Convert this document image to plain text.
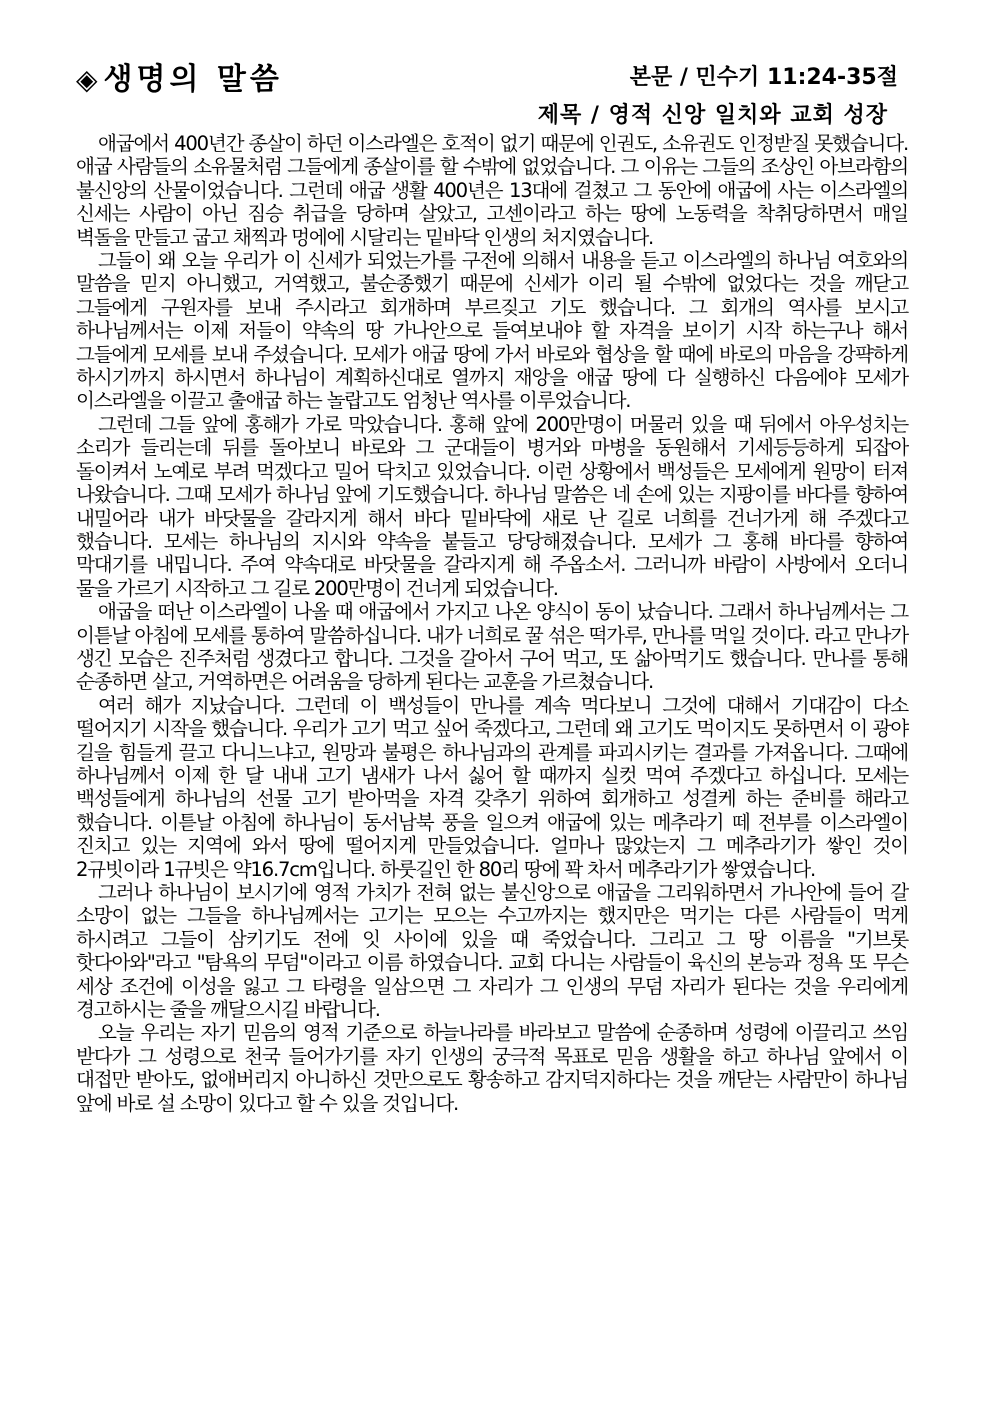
◈ 생명의 말씀	본문 / 민수기 11:24-35절
제목 / 영적 신앙 일치와 교회 성장

애굽에서 400년간 종살이 하던 이스라엘은 호적이 없기 때문에 인권도, 소유권도 인정받질 못했습니다. 애굽 사람들의 소유물처럼 그들에게 종살이를 할 수밖에 없었습니다. 그 이유는 그들의 조상인 아브라함의 불신앙의 산물이었습니다. 그런데 애굽 생활 400년은 13대에 걸쳤고 그 동안에 애굽에 사는 이스라엘의 신세는 사람이 아닌 짐승 취급을 당하며 살았고, 고센이라고 하는 땅에 노동력을 착취당하면서 매일 벽돌을 만들고 굽고 채찍과 멍에에 시달리는 밑바닥 인생의 처지였습니다.

그들이 왜 오늘 우리가 이 신세가 되었는가를 구전에 의해서 내용을 듣고 이스라엘의 하나님 여호와의 말씀을 믿지 아니했고, 거역했고, 불순종했기 때문에 신세가 이리 될 수밖에 없었다는 것을 깨닫고 그들에게 구원자를 보내 주시라고 회개하며 부르짖고 기도 했습니다. 그 회개의 역사를 보시고 하나님께서는 이제 저들이 약속의 땅 가나안으로 들여보내야 할 자격을 보이기 시작 하는구나 해서 그들에게 모세를 보내 주셨습니다. 모세가 애굽 땅에 가서 바로와 협상을 할 때에 바로의 마음을 강퍅하게 하시기까지 하시면서 하나님이 계획하신대로 열까지 재앙을 애굽 땅에 다 실행하신 다음에야 모세가 이스라엘을 이끌고 출애굽 하는 놀랍고도 엄청난 역사를 이루었습니다.

그런데 그들 앞에 홍해가 가로 막았습니다. 홍해 앞에 200만명이 머물러 있을 때 뒤에서 아우성치는 소리가 들리는데 뒤를 돌아보니 바로와 그 군대들이 병거와 마병을 동원해서 기세등등하게 되잡아 돌이켜서 노예로 부려 먹겠다고 밀어 닥치고 있었습니다. 이런 상황에서 백성들은 모세에게 원망이 터져 나왔습니다. 그때 모세가 하나님 앞에 기도했습니다. 하나님 말씀은 네 손에 있는 지팡이를 바다를 향하여 내밀어라 내가 바닷물을 갈라지게 해서 바다 밑바닥에 새로 난 길로 너희를 건너가게 해 주겠다고 했습니다. 모세는 하나님의 지시와 약속을 붙들고 당당해졌습니다. 모세가 그 홍해 바다를 향하여 막대기를 내밉니다. 주여 약속대로 바닷물을 갈라지게 해 주옵소서. 그러니까 바람이 사방에서 오더니 물을 가르기 시작하고 그 길로 200만명이 건너게 되었습니다.

애굽을 떠난 이스라엘이 나올 때 애굽에서 가지고 나온 양식이 동이 났습니다. 그래서 하나님께서는 그 이튿날 아침에 모세를 통하여 말씀하십니다. 내가 너희로 꿀 섞은 떡가루, 만나를 먹일 것이다. 라고 만나가 생긴 모습은 진주처럼 생겼다고 합니다. 그것을 갈아서 구어 먹고, 또 삶아먹기도 했습니다. 만나를 통해 순종하면 살고, 거역하면은 어려움을 당하게 된다는 교훈을 가르쳤습니다.

여러 해가 지났습니다. 그런데 이 백성들이 만나를 계속 먹다보니 그것에 대해서 기대감이 다소 떨어지기 시작을 했습니다. 우리가 고기 먹고 싶어 죽겠다고, 그런데 왜 고기도 먹이지도 못하면서 이 광야 길을 힘들게 끌고 다니느냐고, 원망과 불평은 하나님과의 관계를 파괴시키는 결과를 가져옵니다. 그때에 하나님께서 이제 한 달 내내 고기 냄새가 나서 싫어 할 때까지 실컷 먹여 주겠다고 하십니다. 모세는 백성들에게 하나님의 선물 고기 받아먹을 자격 갖추기 위하여 회개하고 성결케 하는 준비를 해라고 했습니다. 이튿날 아침에 하나님이 동서남북 풍을 일으켜 애굽에 있는 메추라기 떼 전부를 이스라엘이 진치고 있는 지역에 와서 땅에 떨어지게 만들었습니다. 얼마나 많았는지 그 메추라기가 쌓인 것이 2규빗이라 1규빗은 약16.7cm입니다. 하룻길인 한 80리 땅에 꽉 차서 메추라기가 쌓였습니다.

그러나 하나님이 보시기에 영적 가치가 전혀 없는 불신앙으로 애굽을 그리워하면서 가나안에 들어 갈 소망이 없는 그들을 하나님께서는 고기는 모으는 수고까지는 했지만은 먹기는 다른 사람들이 먹게 하시려고 그들이 삼키기도 전에 잇 사이에 있을 때 죽었습니다. 그리고 그 땅 이름을 "기브롯 핫다아와"라고 "탐욕의 무덤"이라고 이름 하였습니다. 교회 다니는 사람들이 육신의 본능과 정욕 또 무슨 세상 조건에 이성을 잃고 그 타령을 일삼으면 그 자리가 그 인생의 무덤 자리가 된다는 것을 우리에게 경고하시는 줄을 깨달으시길 바랍니다.

오늘 우리는 자기 믿음의 영적 기준으로 하늘나라를 바라보고 말씀에 순종하며 성령에 이끌리고 쓰임 받다가 그 성령으로 천국 들어가기를 자기 인생의 궁극적 목표로 믿음 생활을 하고 하나님 앞에서 이 대접만 받아도, 없애버리지 아니하신 것만으로도 황송하고 감지덕지하다는 것을 깨닫는 사람만이 하나님 앞에 바로 설 소망이 있다고 할 수 있을 것입니다.
